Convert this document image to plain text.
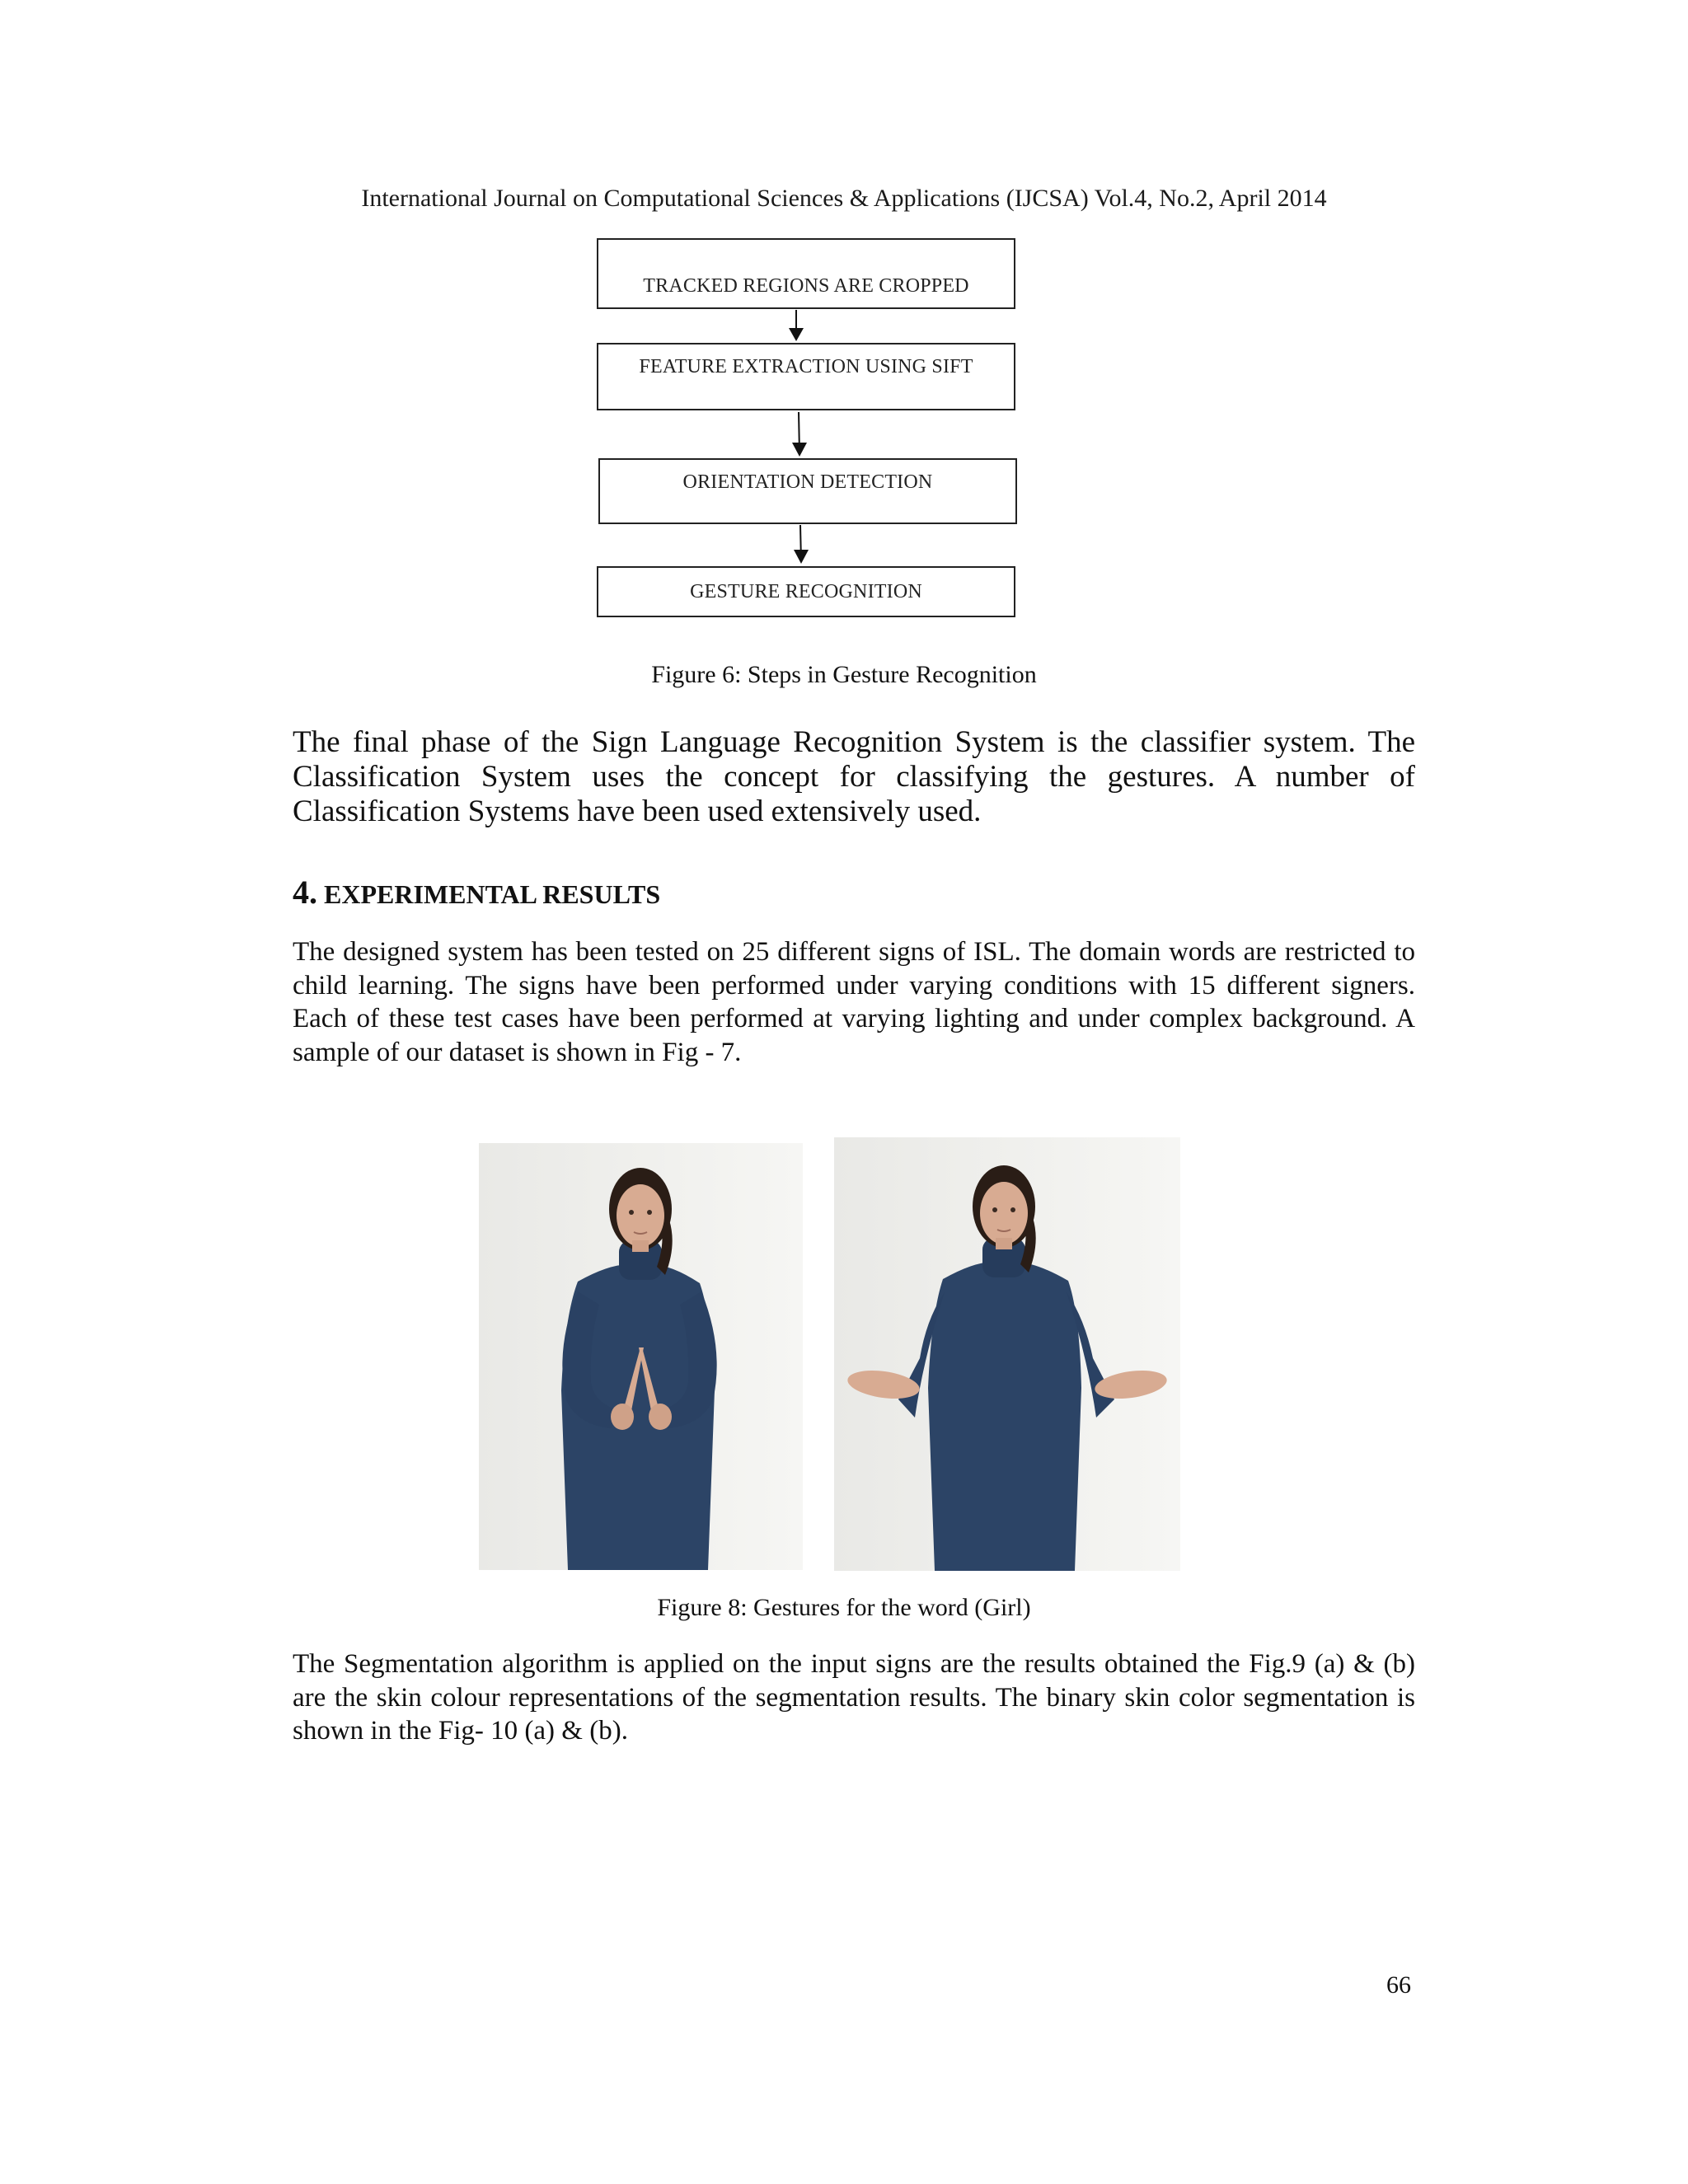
International Journal on Computational Sciences & Applications (IJCSA) Vol.4, No.2, April 2014
TRACKED REGIONS ARE CROPPED
FEATURE EXTRACTION USING SIFT
ORIENTATION DETECTION
GESTURE RECOGNITION
Figure 6: Steps in Gesture Recognition
The final phase of the Sign Language Recognition System is the classifier system. The Classification System uses the concept for classifying the gestures. A number of Classification Systems have been used extensively used.
4. EXPERIMENTAL RESULTS
The designed system has been tested on 25 different signs of ISL. The domain words are restricted to child learning. The signs have been performed under varying conditions with 15 different signers. Each of these test cases have been performed at varying lighting and under complex background. A sample of our dataset is shown in Fig - 7.
Figure 8: Gestures for the word (Girl)
The Segmentation algorithm is applied on the input signs are the results obtained the Fig.9 (a) & (b) are the skin colour representations of the segmentation results. The binary skin color segmentation is shown in the Fig- 10 (a) & (b).
66
